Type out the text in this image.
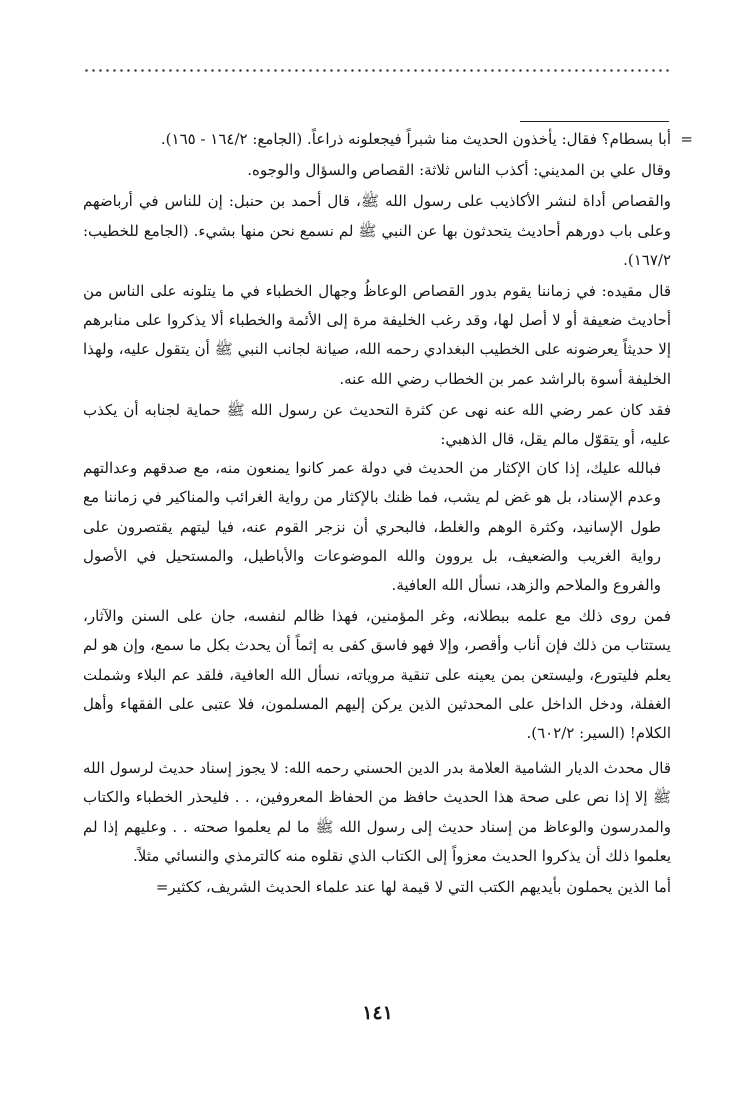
=
أبا بسطام؟ فقال: يأخذون الحديث منا شبراً فيجعلونه ذراعاً. (الجامع: ١٦٤/٢ - ١٦٥).

وقال علي بن المديني: أكذب الناس ثلاثة: القصاص والسؤال والوجوه.

والقصاص أداة لنشر الأكاذيب على رسول الله ﷺ، قال أحمد بن حنبل: إن للناس في أرباضهم وعلى باب دورهم أحاديث يتحدثون بها عن النبي ﷺ لم نسمع نحن منها بشيء. (الجامع للخطيب: ١٦٧/٢).

قال مقيده: في زماننا يقوم بدور القصاص الوعاظُ وجهال الخطباء في ما يتلونه على الناس من أحاديث ضعيفة أو لا أصل لها، وقد رغب الخليفة مرة إلى الأئمة والخطباء ألا يذكروا على منابرهم إلا حديثاً يعرضونه على الخطيب البغدادي رحمه الله، صيانة لجانب النبي ﷺ أن يتقول عليه، ولهذا الخليفة أسوة بالراشد عمر بن الخطاب رضي الله عنه.

فقد كان عمر رضي الله عنه نهى عن كثرة التحديث عن رسول الله ﷺ حماية لجنابه أن يكذب عليه، أو يتقوّل مالم يقل، قال الذهبي:

فبالله عليك، إذا كان الإكثار من الحديث في دولة عمر كانوا يمنعون منه، مع صدقهم وعدالتهم وعدم الإسناد، بل هو غض لم يشب، فما ظنك بالإكثار من رواية الغرائب والمناكير في زماننا مع طول الإسانيد، وكثرة الوهم والغلط، فالبحري أن نزجر القوم عنه، فيا ليتهم يقتصرون على رواية الغريب والضعيف، بل يروون والله الموضوعات والأباطيل، والمستحيل في الأصول والفروع والملاحم والزهد، نسأل الله العافية.

فمن روى ذلك مع علمه ببطلانه، وغر المؤمنين، فهذا ظالم لنفسه، جان على السنن والآثار، يستتاب من ذلك فإن أناب وأقصر، وإلا فهو فاسق كفى به إثماً أن يحدث بكل ما سمع، وإن هو لم يعلم فليتورع، وليستعن بمن يعينه على تنقية مروياته، نسأل الله العافية، فلقد عم البلاء وشملت الغفلة، ودخل الداخل على المحدثين الذين يركن إليهم المسلمون، فلا عتبى على الفقهاء وأهل الكلام! (السير: ٦٠٢/٢).

قال محدث الديار الشامية العلامة بدر الدين الحسني رحمه الله: لا يجوز إسناد حديث لرسول الله ﷺ إلا إذا نص على صحة هذا الحديث حافظ من الحفاظ المعروفين، . . فليحذر الخطباء والكتاب والمدرسون والوعاظ من إسناد حديث إلى رسول الله ﷺ ما لم يعلموا صحته . . وعليهم إذا لم يعلموا ذلك أن يذكروا الحديث معزواً إلى الكتاب الذي نقلوه منه كالترمذي والنسائي مثلاً.

أما الذين يحملون بأيديهم الكتب التي لا قيمة لها عند علماء الحديث الشريف، ككثير=

١٤١
